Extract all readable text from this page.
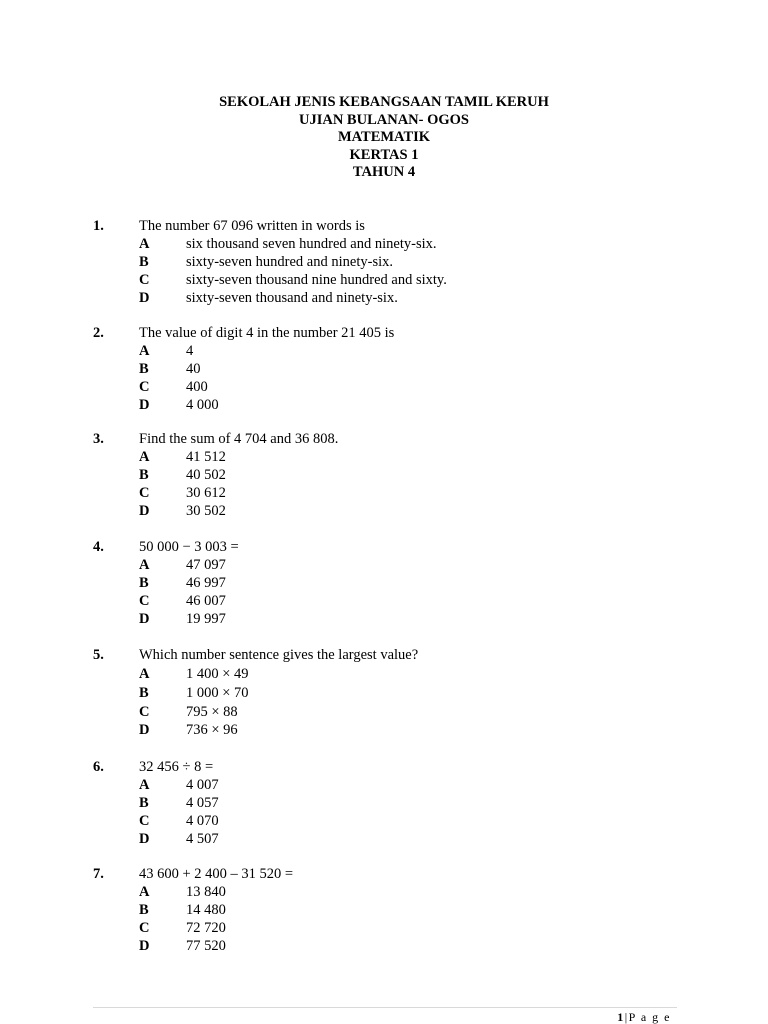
SEKOLAH JENIS KEBANGSAAN TAMIL KERUH
UJIAN BULANAN- OGOS
MATEMATIK
KERTAS 1
TAHUN 4
1. The number 67 096 written in words is
A	six thousand seven hundred and ninety-six.
B	sixty-seven hundred and ninety-six.
C	sixty-seven thousand nine hundred and sixty.
D	sixty-seven thousand and ninety-six.
2. The value of digit 4 in the number 21 405 is
A	4
B	40
C	400
D	4 000
3. Find the sum of 4 704 and 36 808.
A	41 512
B	40 502
C	30 612
D	30 502
4. 50 000 − 3 003 =
A	47 097
B	46 997
C	46 007
D	19 997
5. Which number sentence gives the largest value?
A	1 400 × 49
B	1 000 × 70
C	795 × 88
D	736 × 96
6. 32 456 ÷ 8 =
A	4 007
B	4 057
C	4 070
D	4 507
7. 43 600 + 2 400 – 31 520 =
A	13 840
B	14 480
C	72 720
D	77 520
1|P a g e
